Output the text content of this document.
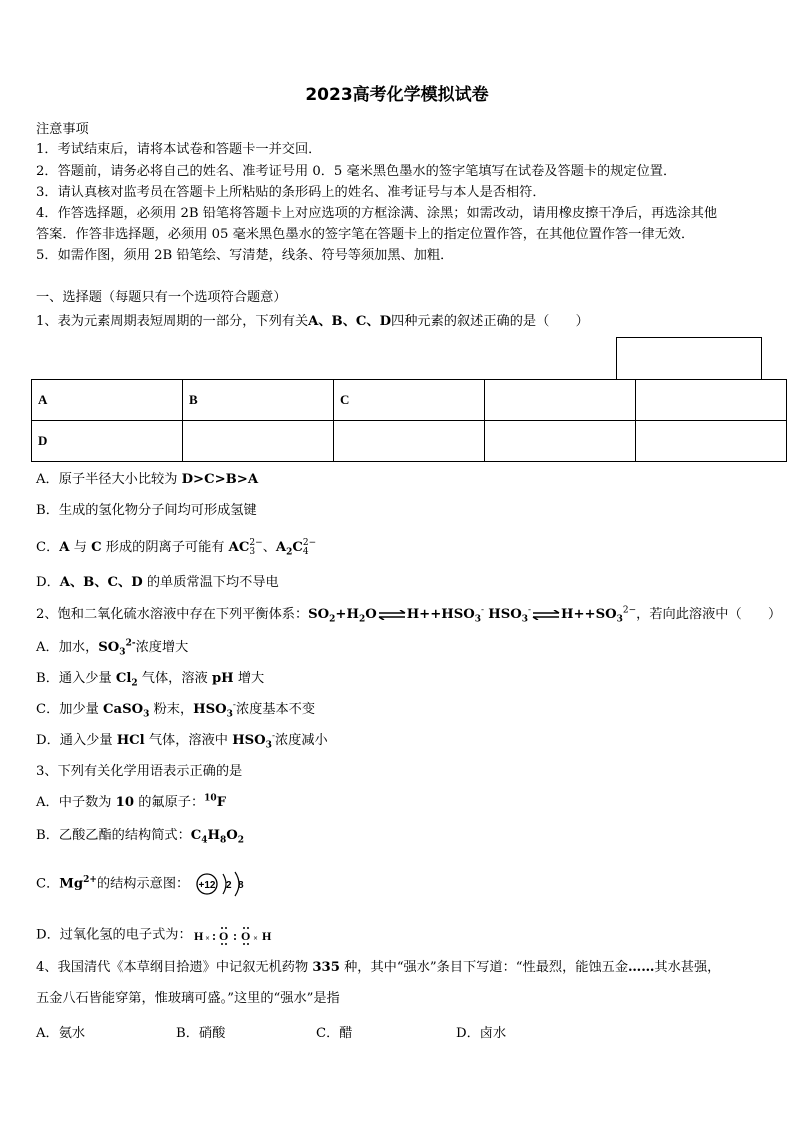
2023高考化学模拟试卷
注意事项
1．考试结束后，请将本试卷和答题卡一并交回．
2．答题前，请务必将自己的姓名、准考证号用 0．5 毫米黑色墨水的签字笔填写在试卷及答题卡的规定位置．
3．请认真核对监考员在答题卡上所粘贴的条形码上的姓名、准考证号与本人是否相符．
4．作答选择题，必须用 2B 铅笔将答题卡上对应选项的方框涂满、涂黑；如需改动，请用橡皮擦干净后，再选涂其他
答案．作答非选择题，必须用 05 毫米黑色墨水的签字笔在答题卡上的指定位置作答，在其他位置作答一律无效．
5．如需作图，须用 2B 铅笔绘、写清楚，线条、符号等须加黑、加粗．
一、选择题（每题只有一个选项符合题意）
1、表为元素周期表短周期的一部分，下列有关A、B、C、D四种元素的叙述正确的是（　　）
A	B	C		
D				
A．原子半径大小比较为 D>C>B>A
B．生成的氢化物分子间均可形成氢键
C．A 与 C 形成的阴离子可能有 AC 2−
3 、$A_2C$ 2−
4
D．A、B、C、D 的单质常温下均不导电
2、饱和二氧化硫水溶液中存在下列平衡体系：$SO_2+H_2O\rightleftharpoons H++HSO_3^-$ $HSO_3^-\rightleftharpoons H++SO_3^{2-}$，若向此溶液中（　　）
A．加水，$SO_3^{2-}$浓度增大
B．通入少量 $Cl_2$ 气体，溶液 pH 增大
C．加少量 CaSO$_3$ 粉末，$HSO_3^-$浓度基本不变
D．通入少量 HCl 气体，溶液中 $HSO_3^-$浓度减小
3、下列有关化学用语表示正确的是
A．中子数为 10 的氟原子：$^{10}$F
B．乙酸乙酯的结构简式：$C_4H_8O_2$
C．$Mg^{2+}$的结构示意图： +12 2 8
D．过氧化氢的电子式为： H × O O × H
4、我国清代《本草纲目拾遗》中记叙无机药物 335 种，其中“强水”条目下写道：“性最烈，能蚀五金……其水甚强，
五金八石皆能穿第，惟玻璃可盛。”这里的“强水”是指
A．氨水	B．硝酸	C．醋	D．卤水
